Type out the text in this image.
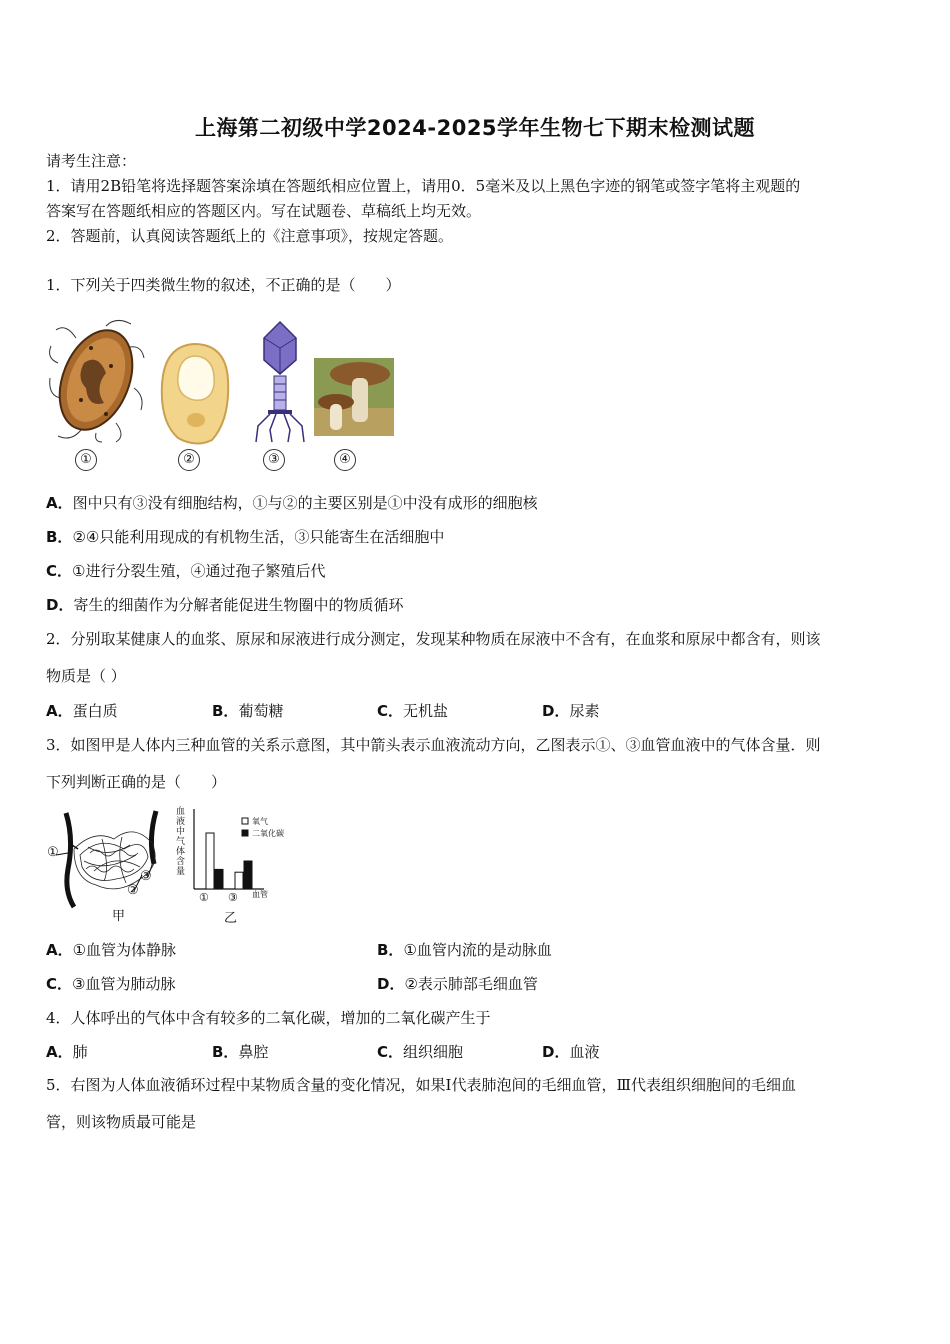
上海第二初级中学2024-2025学年生物七下期末检测试题
请考生注意：
1．请用2B铅笔将选择题答案涂填在答题纸相应位置上，请用0．5毫米及以上黑色字迹的钢笔或签字笔将主观题的
答案写在答题纸相应的答题区内。写在试题卷、草稿纸上均无效。
2．答题前，认真阅读答题纸上的《注意事项》，按规定答题。
1．下列关于四类微生物的叙述，不正确的是（　　）
①	②	③	④
A．图中只有③没有细胞结构，①与②的主要区别是①中没有成形的细胞核
B．②④只能利用现成的有机物生活，③只能寄生在活细胞中
C．①进行分裂生殖，④通过孢子繁殖后代
D．寄生的细菌作为分解者能促进生物圈中的物质循环
2．分别取某健康人的血浆、原尿和尿液进行成分测定，发现某种物质在尿液中不含有，在血浆和原尿中都含有，则该
物质是（ ）
A．蛋白质	B．葡萄糖	C．无机盐	D．尿素
3．如图甲是人体内三种血管的关系示意图，其中箭头表示血液流动方向，乙图表示①、③血管血液中的气体含量．则
下列判断正确的是（　　）
①
②
③
甲
血液中气体含量
氧气
二氧化碳
① ③ 血管
乙
A．①血管为体静脉	B．①血管内流的是动脉血
C．③血管为肺动脉	D．②表示肺部毛细血管
4．人体呼出的气体中含有较多的二氧化碳，增加的二氧化碳产生于
A．肺	B．鼻腔	C．组织细胞	D．血液
5．右图为人体血液循环过程中某物质含量的变化情况，如果Ⅰ代表肺泡间的毛细血管，Ⅲ代表组织细胞间的毛细血
管，则该物质最可能是
